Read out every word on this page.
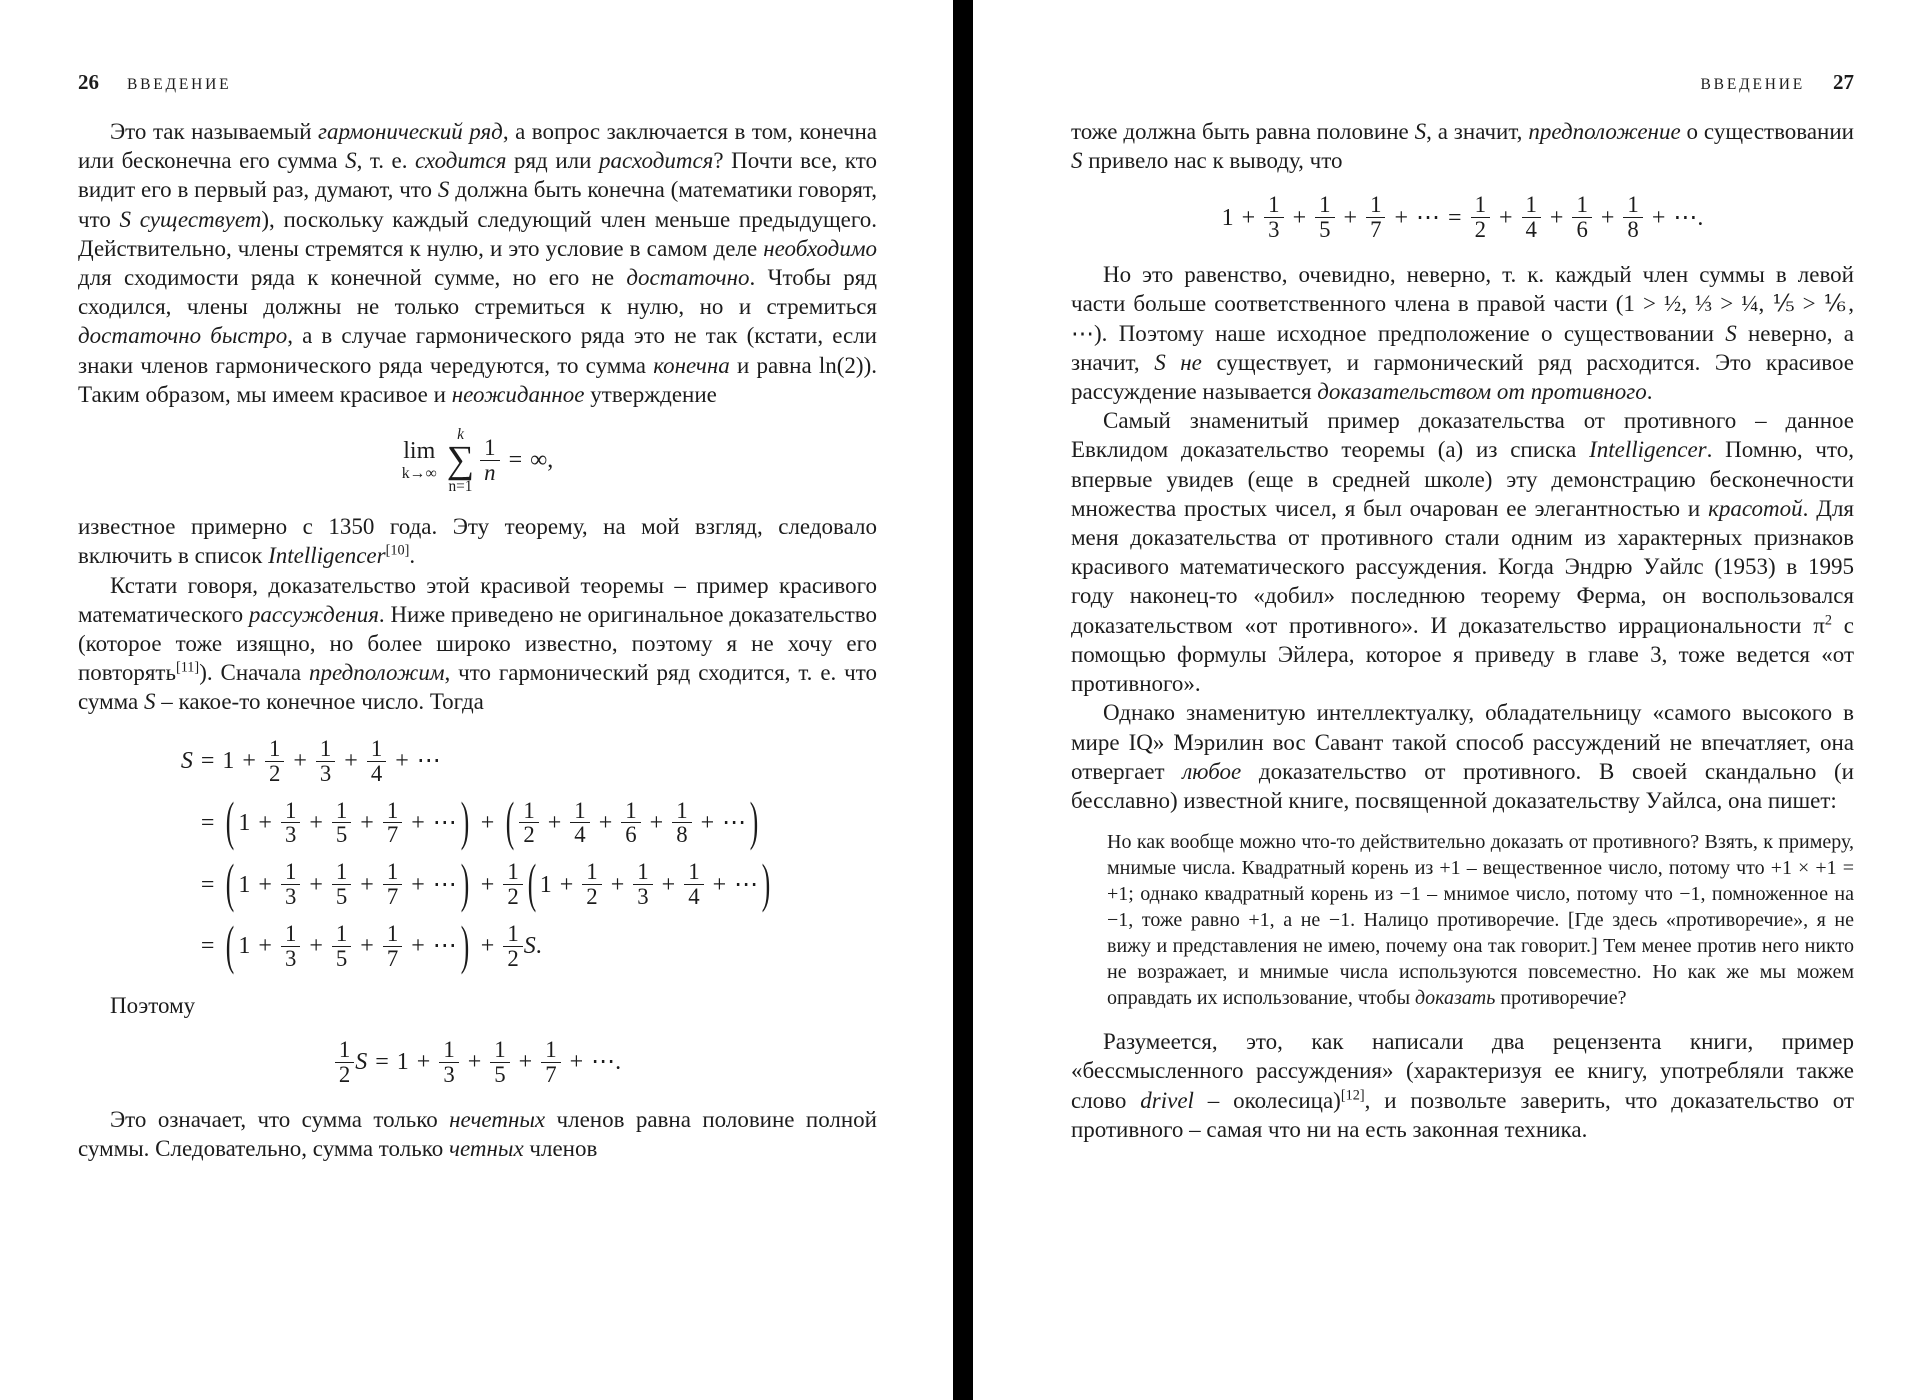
26 ВВЕДЕНИЕ

Это так называемый гармонический ряд, а вопрос заключается в том, конечна или бесконечна его сумма S, т. е. сходится ряд или расходится? Почти все, кто видит его в первый раз, думают, что S должна быть конечна (математики говорят, что S существует), поскольку каждый следующий член меньше предыдущего. Действительно, члены стремятся к нулю, и это условие в самом деле необходимо для сходимости ряда к конечной сумме, но его не достаточно. Чтобы ряд сходился, члены должны не только стремиться к нулю, но и стремиться достаточно быстро, а в случае гармонического ряда это не так (кстати, если знаки членов гармонического ряда чередуются, то сумма конечна и равна ln(2)). Таким образом, мы имеем красивое и неожиданное утверждение

lim
k→∞
k
∑
n=1
$\frac{1}{n}$ = ∞,

известное примерно с 1350 года. Эту теорему, на мой взгляд, следовало включить в список Intelligencer[10].

Кстати говоря, доказательство этой красивой теоремы – пример красивого математического рассуждения. Ниже приведено не оригинальное доказательство (которое тоже изящно, но более широко известно, поэтому я не хочу его повторять[11]). Сначала предположим, что гармонический ряд сходится, т. е. что сумма S – какое-то конечное число. Тогда

$S = 1 + \frac{1}{2} + \frac{1}{3} + \frac{1}{4}$ + ⋯
= ( $1 + \frac{1}{3} + \frac{1}{5} + \frac{1}{7}$ + ⋯ ) + ( 1
$2 + \frac{1}{4} + \frac{1}{6} + \frac{1}{8}$ + ⋯ )
= ( $1 + \frac{1}{3} + \frac{1}{5} + \frac{1}{7}$ + ⋯ ) + $\frac{1}{2}$ ( $1 + \frac{1}{2} + \frac{1}{3} + \frac{1}{4}$ + ⋯ )
= ( $1 + \frac{1}{3} + \frac{1}{5} + \frac{1}{7}$ + ⋯ ) + $\frac{1}{2}$ S .

Поэтому

1
2 $S = 1 + \frac{1}{3} + \frac{1}{5} + \frac{1}{7}$ + ⋯.

Это означает, что сумма только нечетных членов равна половине полной суммы. Следовательно, сумма только четных членов

ВВЕДЕНИЕ 27

тоже должна быть равна половине S, а значит, предположение о существовании S привело нас к выводу, что

$1 + \frac{1}{3} + \frac{1}{5} + \frac{1}{7}$ + ⋯ = $\frac{1}{2} + \frac{1}{4} + \frac{1}{6} + \frac{1}{8}$ + ⋯.

Но это равенство, очевидно, неверно, т. к. каждый член суммы в левой части больше соответственного члена в правой части (1 > ½, ⅓ > ¼, ⅕ > ⅙, ⋯). Поэтому наше исходное предположение о существовании S неверно, а значит, S не существует, и гармонический ряд расходится. Это красивое рассуждение называется доказательством от противного.

Самый знаменитый пример доказательства от противного – данное Евклидом доказательство теоремы (а) из списка Intelligencer. Помню, что, впервые увидев (еще в средней школе) эту демонстрацию бесконечности множества простых чисел, я был очарован ее элегантностью и красотой. Для меня доказательства от противного стали одним из характерных признаков красивого математического рассуждения. Когда Эндрю Уайлс (1953) в 1995 году наконец-то «добил» последнюю теорему Ферма, он воспользовался доказательством «от противного». И доказательство иррациональности $\pi^2$ с помощью формулы Эйлера, которое я приведу в главе 3, тоже ведется «от противного».

Однако знаменитую интеллектуалку, обладательницу «самого высокого в мире IQ» Мэрилин вос Савант такой способ рассуждений не впечатляет, она отвергает любое доказательство от противного. В своей скандально (и бесславно) известной книге, посвященной доказательству Уайлса, она пишет:

Но как вообще можно что-то действительно доказать от противного? Взять, к примеру, мнимые числа. Квадратный корень из +1 – вещественное число, потому что +1 × +1 = +1; однако квадратный корень из −1 – мнимое число, потому что −1, помноженное на −1, тоже равно +1, а не −1. Налицо противоречие. [Где здесь «противоречие», я не вижу и представления не имею, почему она так говорит.] Тем менее против него никто не возражает, и мнимые числа используются повсеместно. Но как же мы можем оправдать их использование, чтобы доказать противоречие?

Разумеется, это, как написали два рецензента книги, пример «бессмысленного рассуждения» (характеризуя ее книгу, употребляли также слово drivel – околесица)[12], и позвольте заверить, что доказательство от противного – самая что ни на есть законная техника.
